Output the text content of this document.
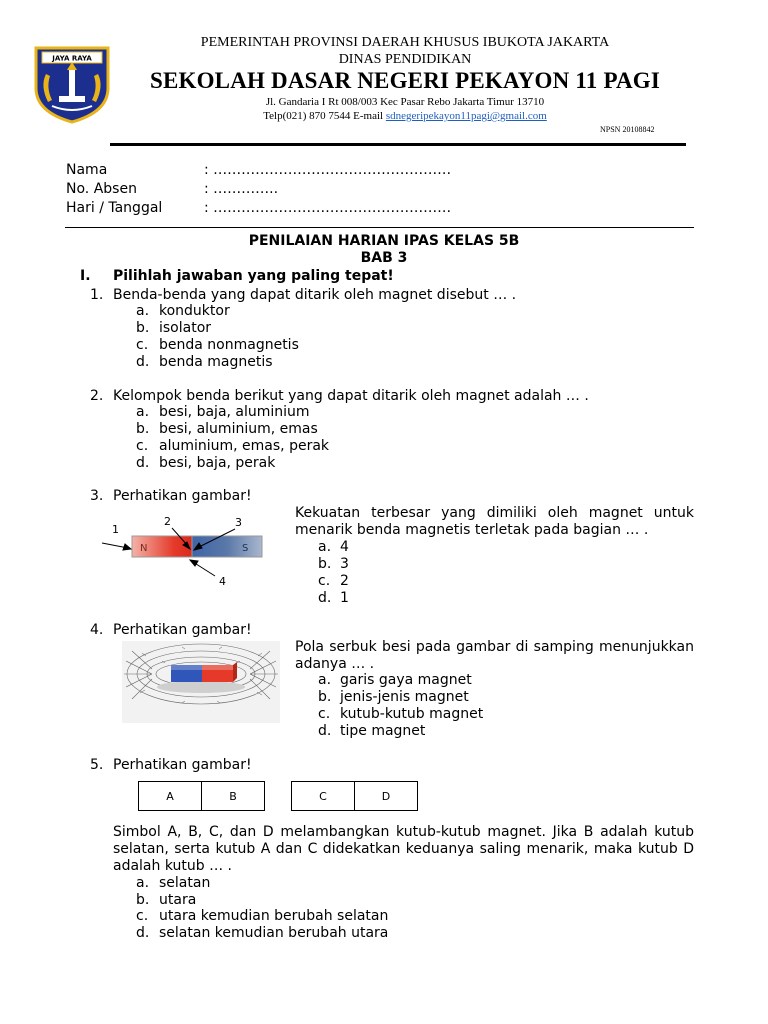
JAYA RAYA
PEMERINTAH PROVINSI DAERAH KHUSUS IBUKOTA JAKARTA
DINAS PENDIDIKAN
SEKOLAH DASAR NEGERI PEKAYON 11 PAGI
Jl. Gandaria I Rt 008/003 Kec Pasar Rebo Jakarta Timur 13710
Telp(021) 870 7544 E-mail sdnegeripekayon11pagi@gmail.com
NPSN 20108842
Nama	: ……………………………………………
No. Absen	: …………..
Hari / Tanggal	: ……………………………………………
PENILAIAN HARIAN IPAS KELAS 5B
BAB 3
I. Pilihlah jawaban yang paling tepat!
1. Benda-benda yang dapat ditarik oleh magnet disebut … .
a. konduktor
b. isolator
c. benda nonmagnetis
d. benda magnetis
2. Kelompok benda berikut yang dapat ditarik oleh magnet adalah … .
a. besi, baja, aluminium
b. besi, aluminium, emas
c. aluminium, emas, perak
d. besi, baja, perak
3. Perhatikan gambar!
1
2	3
4
N	S
Kekuatan terbesar yang dimiliki oleh magnet untuk menarik benda magnetis terletak pada bagian … .
a. 4
b. 3
c. 2
d. 1
4. Perhatikan gambar!
Pola serbuk besi pada gambar di samping menunjukkan adanya … .
a. garis gaya magnet
b. jenis-jenis magnet
c. kutub-kutub magnet
d. tipe magnet
5. Perhatikan gambar!
A	B	C	D
Simbol A, B, C, dan D melambangkan kutub-kutub magnet. Jika B adalah kutub selatan, serta kutub A dan C didekatkan keduanya saling menarik, maka kutub D adalah kutub … .
a. selatan
b. utara
c. utara kemudian berubah selatan
d. selatan kemudian berubah utara
